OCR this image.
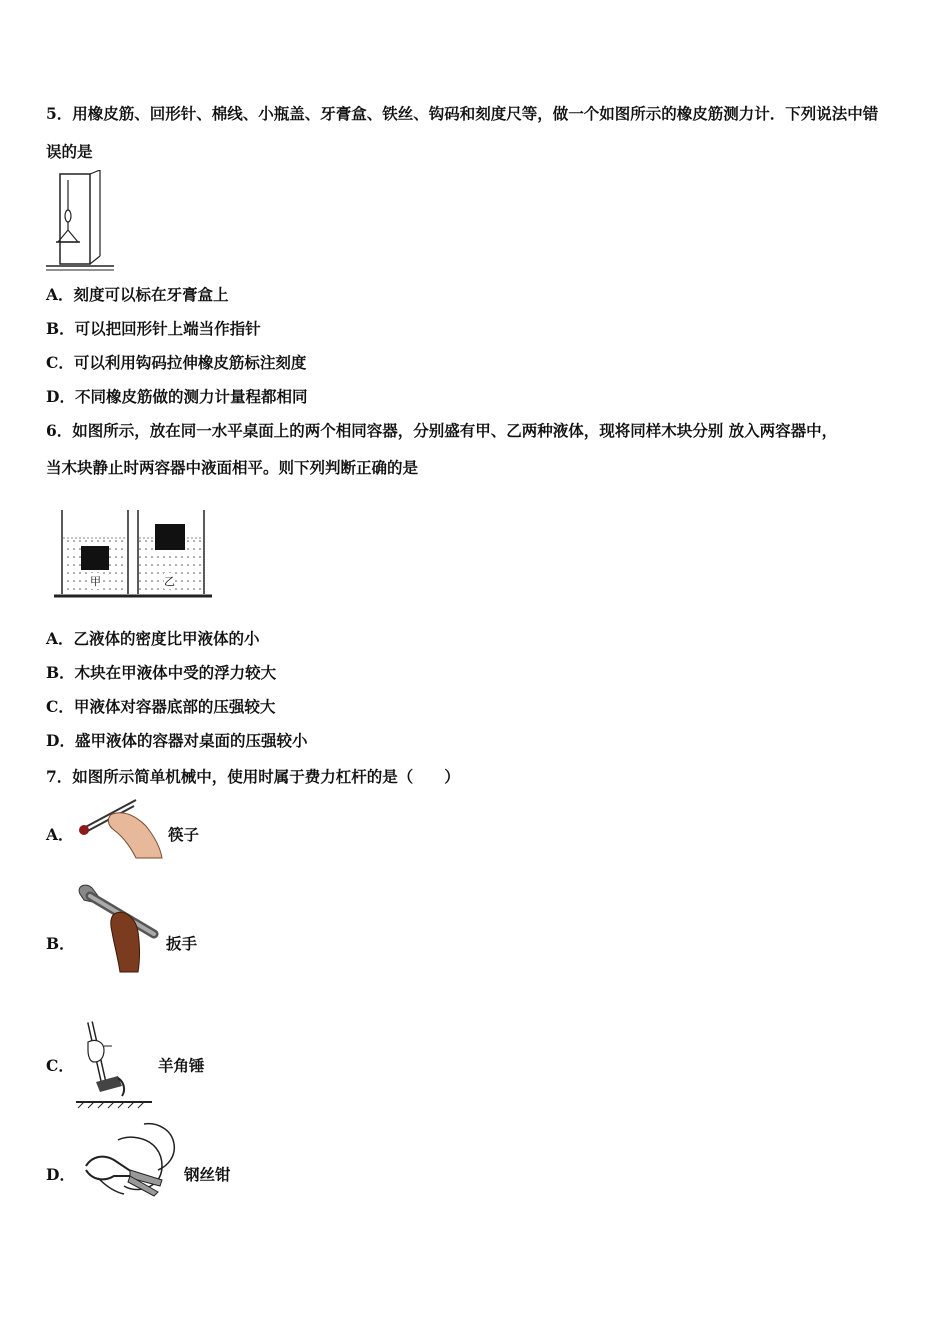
5．用橡皮筋、回形针、棉线、小瓶盖、牙膏盒、铁丝、钩码和刻度尺等，做一个如图所示的橡皮筋测力计．下列说法中错
误的是
A．刻度可以标在牙膏盒上
B．可以把回形针上端当作指针
C．可以利用钩码拉伸橡皮筋标注刻度
D．不同橡皮筋做的测力计量程都相同
6．如图所示，放在同一水平桌面上的两个相同容器，分别盛有甲、乙两种液体，现将同样木块分别 放入两容器中，
当木块静止时两容器中液面相平。则下列判断正确的是
甲	乙
A．乙液体的密度比甲液体的小
B．木块在甲液体中受的浮力较大
C．甲液体对容器底部的压强较大
D．盛甲液体的容器对桌面的压强较小
7．如图所示简单机械中，使用时属于费力杠杆的是（　　）
A．	筷子
B．	扳手
C．	羊角锤
D．	钢丝钳
